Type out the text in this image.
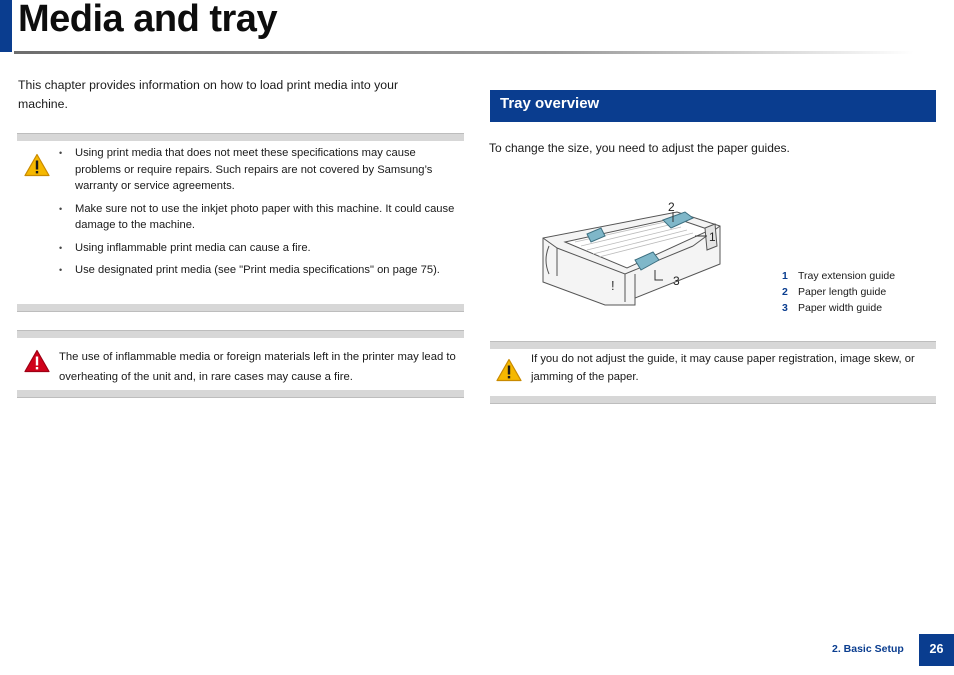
Media and tray

This chapter provides information on how to load print media into your machine.

• Using print media that does not meet these specifications may cause problems or require repairs. Such repairs are not covered by Samsung’s warranty or service agreements.
• Make sure not to use the inkjet photo paper with this machine. It could cause damage to the machine.
• Using inflammable print media can cause a fire.
• Use designated print media (see "Print media specifications" on page 75).

The use of inflammable media or foreign materials left in the printer may lead to overheating of the unit and, in rare cases may cause a fire.

Tray overview

To change the size, you need to adjust the paper guides.

!
2
1
3	1 Tray extension guide
2 Paper length guide
3 Paper width guide

If you do not adjust the guide, it may cause paper registration, image skew, or jamming of the paper.

2. Basic Setup	26
